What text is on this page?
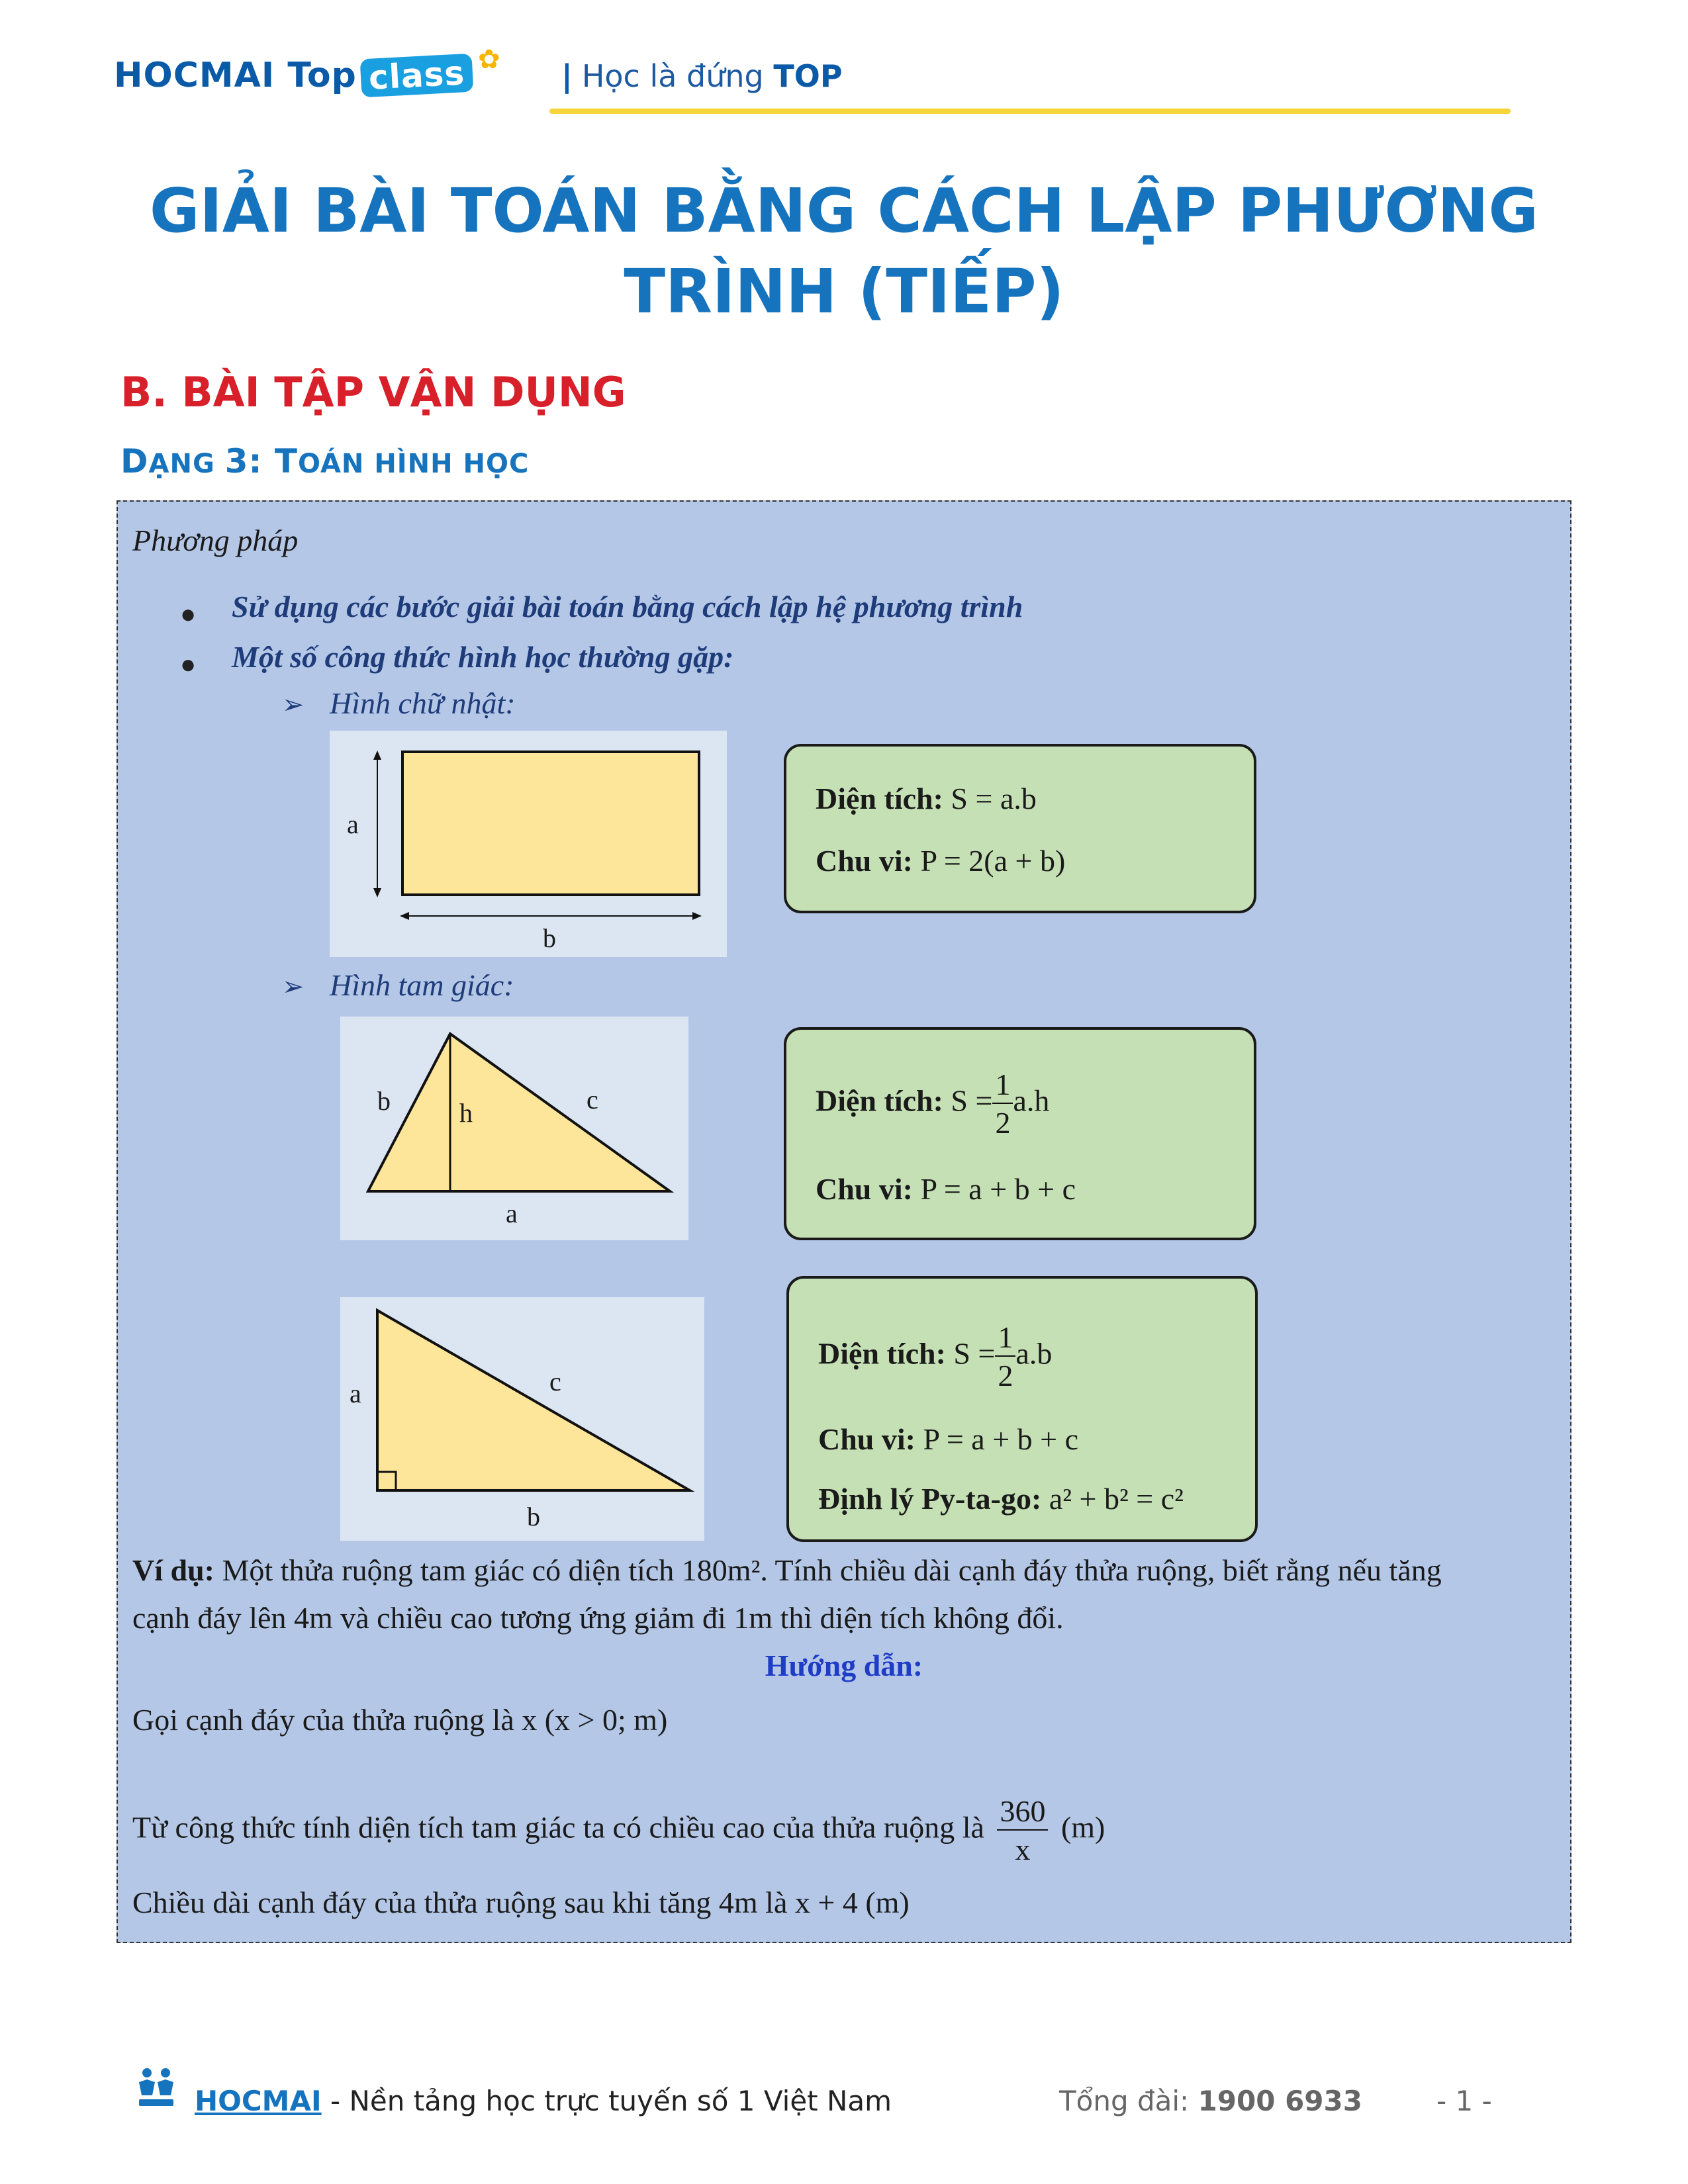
HOCMAI Top class ✿ | Học là đứng TOP
GIẢI BÀI TOÁN BẰNG CÁCH LẬP PHƯƠNG
TRÌNH (TIẾP)
B. BÀI TẬP VẬN DỤNG
DẠNG 3: TOÁN HÌNH HỌC
Phương pháp
● Sử dụng các bước giải bài toán bằng cách lập hệ phương trình
● Một số công thức hình học thường gặp:
➢ Hình chữ nhật:
a
b
Diện tích: S = a.b
Chu vi: P = 2(a + b)
➢ Hình tam giác:
b	h	c
a
Diện tích: $S = \frac{1}{2} a.h$
Chu vi: P = a + b + c
a	c
b
Diện tích: $S = \frac{1}{2} a.b$
Chu vi: P = a + b + c
Định lý Py-ta-go: a² + b² = c²
Ví dụ: Một thửa ruộng tam giác có diện tích 180m². Tính chiều dài cạnh đáy thửa ruộng, biết rằng nếu tăng
cạnh đáy lên 4m và chiều cao tương ứng giảm đi 1m thì diện tích không đổi.
Hướng dẫn:
Gọi cạnh đáy của thửa ruộng là x (x > 0; m)
Từ công thức tính diện tích tam giác ta có chiều cao của thửa ruộng là $\frac{360}{x} (m)$
Chiều dài cạnh đáy của thửa ruộng sau khi tăng 4m là x + 4 (m)
HOCMAI - Nền tảng học trực tuyến số 1 Việt Nam	Tổng đài: 1900 6933	- 1 -
